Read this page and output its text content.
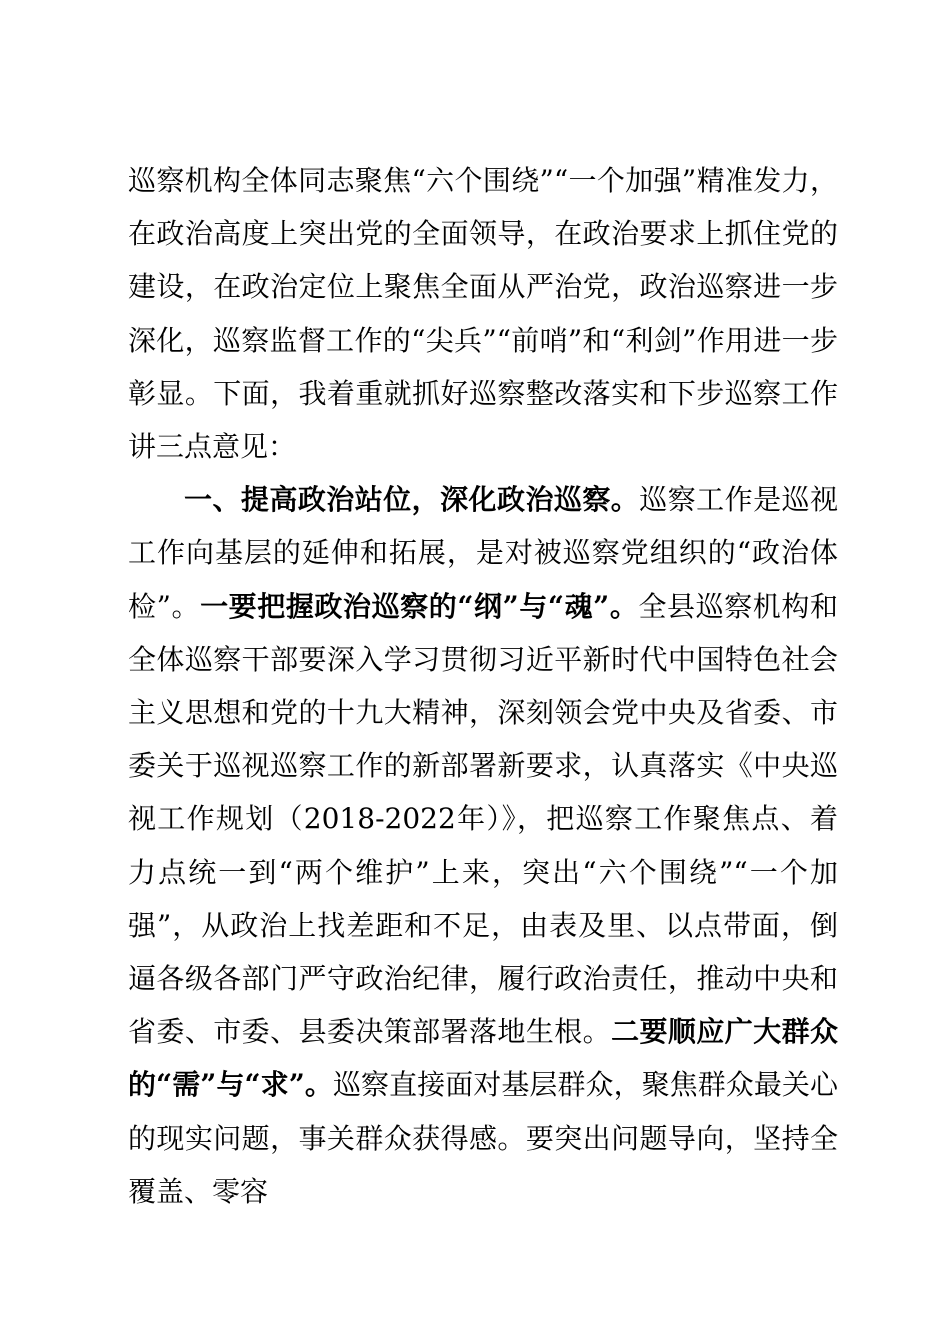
巡察机构全体同志聚焦“六个围绕”“一个加强”精准发力，在政治高度上突出党的全面领导，在政治要求上抓住党的建设，在政治定位上聚焦全面从严治党，政治巡察进一步深化，巡察监督工作的“尖兵”“前哨”和“利剑”作用进一步彰显。下面，我着重就抓好巡察整改落实和下步巡察工作讲三点意见：

一、提高政治站位，深化政治巡察。巡察工作是巡视工作向基层的延伸和拓展，是对被巡察党组织的“政治体检”。一要把握政治巡察的“纲”与“魂”。全县巡察机构和全体巡察干部要深入学习贯彻习近平新时代中国特色社会主义思想和党的十九大精神，深刻领会党中央及省委、市委关于巡视巡察工作的新部署新要求，认真落实《中央巡视工作规划（2018-2022年）》，把巡察工作聚焦点、着力点统一到“两个维护”上来，突出“六个围绕”“一个加强”，从政治上找差距和不足，由表及里、以点带面，倒逼各级各部门严守政治纪律，履行政治责任，推动中央和省委、市委、县委决策部署落地生根。二要顺应广大群众的“需”与“求”。巡察直接面对基层群众，聚焦群众最关心的现实问题，事关群众获得感。要突出问题导向，坚持全覆盖、零容
